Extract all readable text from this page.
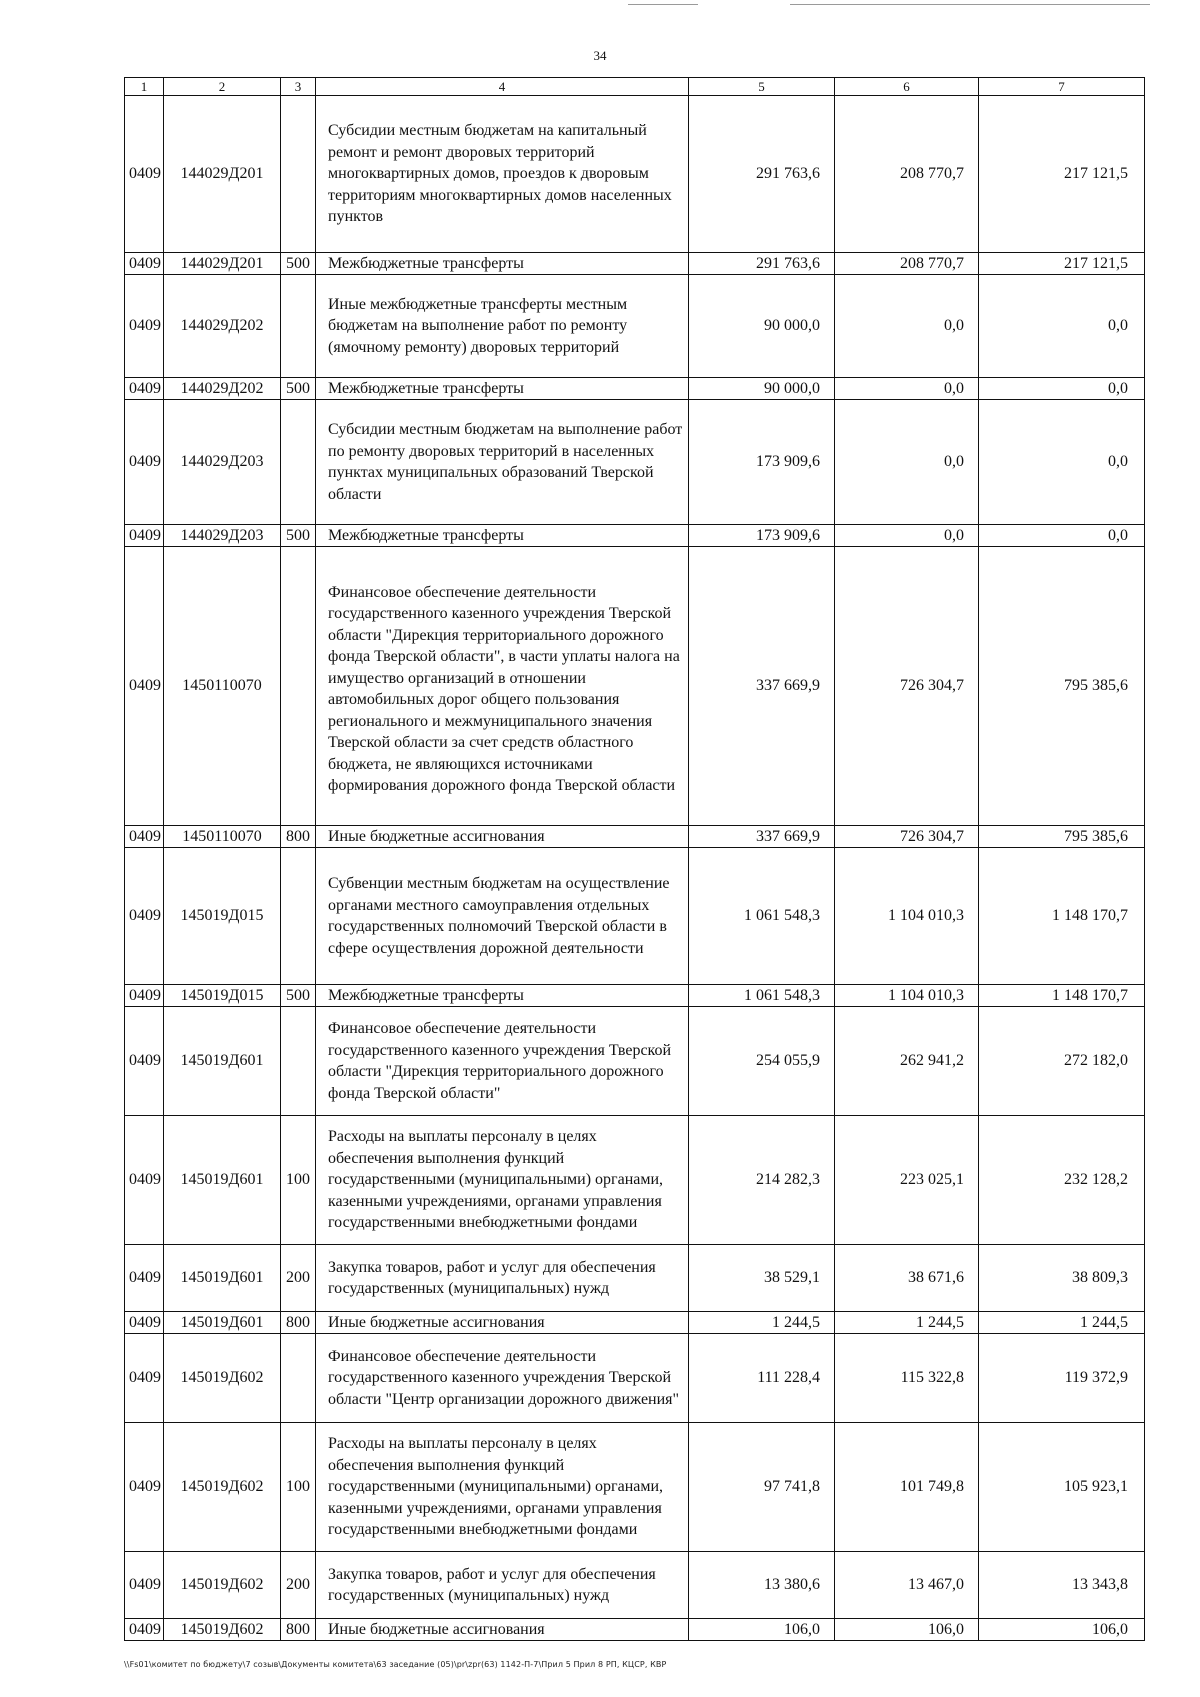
34
1	2	3	4	5	6	7
0409	144029Д201		Субсидии местным бюджетам на капитальный ремонт и ремонт дворовых территорий многоквартирных домов, проездов к дворовым территориям многоквартирных домов населенных пунктов	291 763,6	208 770,7	217 121,5
0409	144029Д201	500	Межбюджетные трансферты	291 763,6	208 770,7	217 121,5
0409	144029Д202		Иные межбюджетные трансферты местным бюджетам на выполнение работ по ремонту (ямочному ремонту) дворовых территорий	90 000,0	0,0	0,0
0409	144029Д202	500	Межбюджетные трансферты	90 000,0	0,0	0,0
0409	144029Д203		Субсидии местным бюджетам на выполнение работ по ремонту дворовых территорий в населенных пунктах муниципальных образований Тверской области	173 909,6	0,0	0,0
0409	144029Д203	500	Межбюджетные трансферты	173 909,6	0,0	0,0
0409	1450110070		Финансовое обеспечение деятельности государственного казенного учреждения Тверской области "Дирекция территориального дорожного фонда Тверской области", в части уплаты налога на имущество организаций в отношении автомобильных дорог общего пользования регионального и межмуниципального значения Тверской области за счет средств областного бюджета, не являющихся источниками формирования дорожного фонда Тверской области	337 669,9	726 304,7	795 385,6
0409	1450110070	800	Иные бюджетные ассигнования	337 669,9	726 304,7	795 385,6
0409	145019Д015		Субвенции местным бюджетам на осуществление органами местного самоуправления отдельных государственных полномочий Тверской области в сфере осуществления дорожной деятельности	1 061 548,3	1 104 010,3	1 148 170,7
0409	145019Д015	500	Межбюджетные трансферты	1 061 548,3	1 104 010,3	1 148 170,7
0409	145019Д601		Финансовое обеспечение деятельности государственного казенного учреждения Тверской области "Дирекция территориального дорожного фонда Тверской области"	254 055,9	262 941,2	272 182,0
0409	145019Д601	100	Расходы на выплаты персоналу в целях обеспечения выполнения функций государственными (муниципальными) органами, казенными учреждениями, органами управления государственными внебюджетными фондами	214 282,3	223 025,1	232 128,2
0409	145019Д601	200	Закупка товаров, работ и услуг для обеспечения государственных (муниципальных) нужд	38 529,1	38 671,6	38 809,3
0409	145019Д601	800	Иные бюджетные ассигнования	1 244,5	1 244,5	1 244,5
0409	145019Д602		Финансовое обеспечение деятельности государственного казенного учреждения Тверской области "Центр организации дорожного движения"	111 228,4	115 322,8	119 372,9
0409	145019Д602	100	Расходы на выплаты персоналу в целях обеспечения выполнения функций государственными (муниципальными) органами, казенными учреждениями, органами управления государственными внебюджетными фондами	97 741,8	101 749,8	105 923,1
0409	145019Д602	200	Закупка товаров, работ и услуг для обеспечения государственных (муниципальных) нужд	13 380,6	13 467,0	13 343,8
0409	145019Д602	800	Иные бюджетные ассигнования	106,0	106,0	106,0
\\Fs01\комитет по бюджету\7 созыв\Документы комитета\63 заседание (05)\pr\zpr(63) 1142-П-7\Прил 5 Прил 8 РП, КЦСР, КВР
